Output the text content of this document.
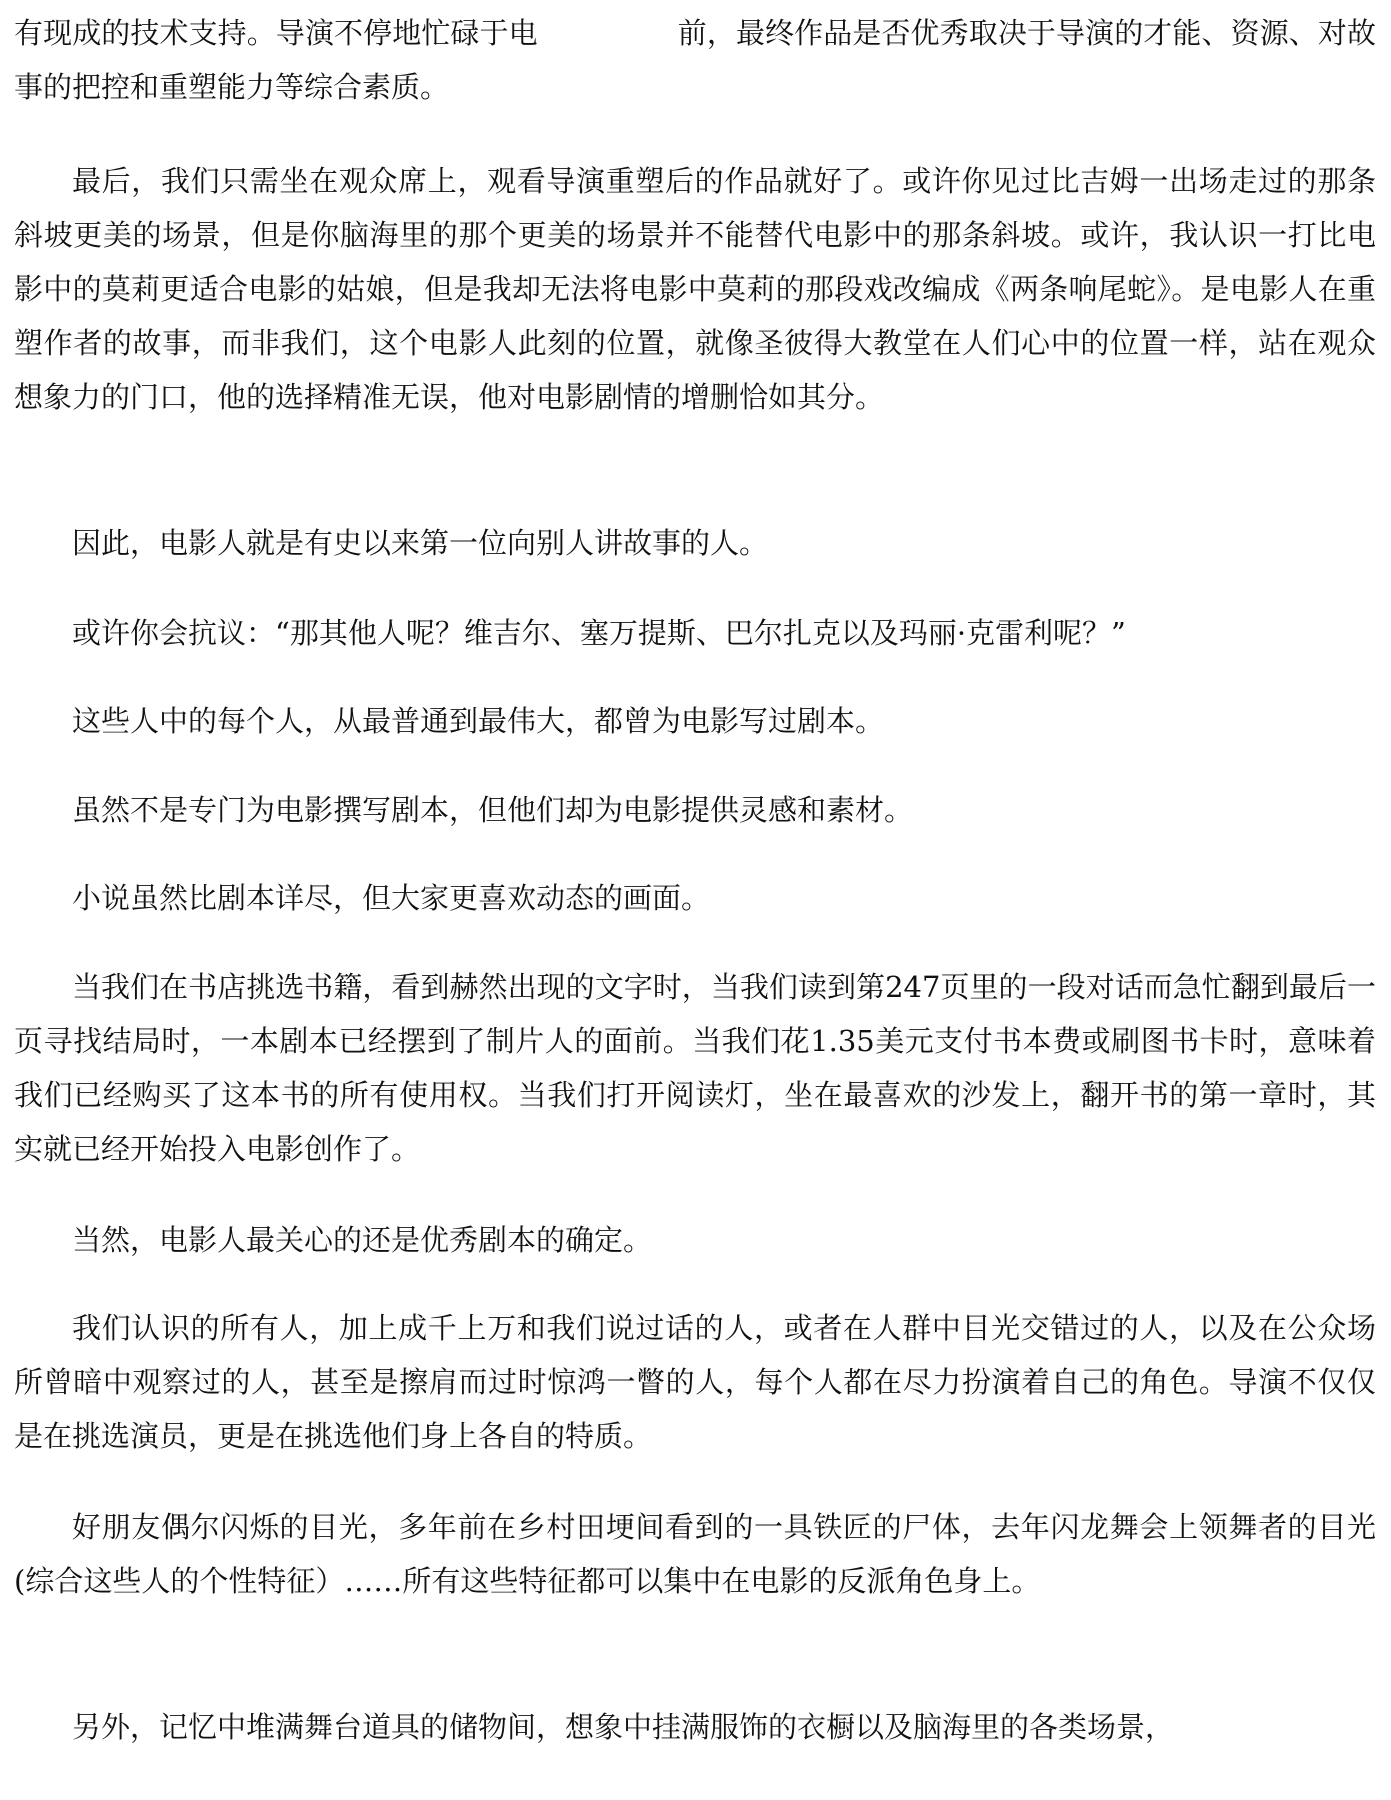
有现成的技术支持。导演不停地忙碌于电	前，最终作品是否优秀取决于导演的才能、资源、对故事的把控和重塑能力等综合素质。

最后，我们只需坐在观众席上，观看导演重塑后的作品就好了。或许你见过比吉姆一出场走过的那条斜坡更美的场景，但是你脑海里的那个更美的场景并不能替代电影中的那条斜坡。或许，我认识一打比电影中的莫莉更适合电影的姑娘，但是我却无法将电影中莫莉的那段戏改编成《两条响尾蛇》。是电影人在重塑作者的故事，而非我们，这个电影人此刻的位置，就像圣彼得大教堂在人们心中的位置一样，站在观众想象力的门口，他的选择精准无误，他对电影剧情的增删恰如其分。

因此，电影人就是有史以来第一位向别人讲故事的人。

或许你会抗议：“那其他人呢？维吉尔、塞万提斯、巴尔扎克以及玛丽·克雷利呢？”

这些人中的每个人，从最普通到最伟大，都曾为电影写过剧本。

虽然不是专门为电影撰写剧本，但他们却为电影提供灵感和素材。

小说虽然比剧本详尽，但大家更喜欢动态的画面。

当我们在书店挑选书籍，看到赫然出现的文字时，当我们读到第247页里的一段对话而急忙翻到最后一页寻找结局时，一本剧本已经摆到了制片人的面前。当我们花1.35美元支付书本费或刷图书卡时，意味着我们已经购买了这本书的所有使用权。当我们打开阅读灯，坐在最喜欢的沙发上，翻开书的第一章时，其实就已经开始投入电影创作了。

当然，电影人最关心的还是优秀剧本的确定。

我们认识的所有人，加上成千上万和我们说过话的人，或者在人群中目光交错过的人，以及在公众场所曾暗中观察过的人，甚至是擦肩而过时惊鸿一瞥的人，每个人都在尽力扮演着自己的角色。导演不仅仅是在挑选演员，更是在挑选他们身上各自的特质。

好朋友偶尔闪烁的目光，多年前在乡村田埂间看到的一具铁匠的尸体，去年闪龙舞会上领舞者的目光(综合这些人的个性特征）……所有这些特征都可以集中在电影的反派角色身上。

另外，记忆中堆满舞台道具的储物间，想象中挂满服饰的衣橱以及脑海里的各类场景，
